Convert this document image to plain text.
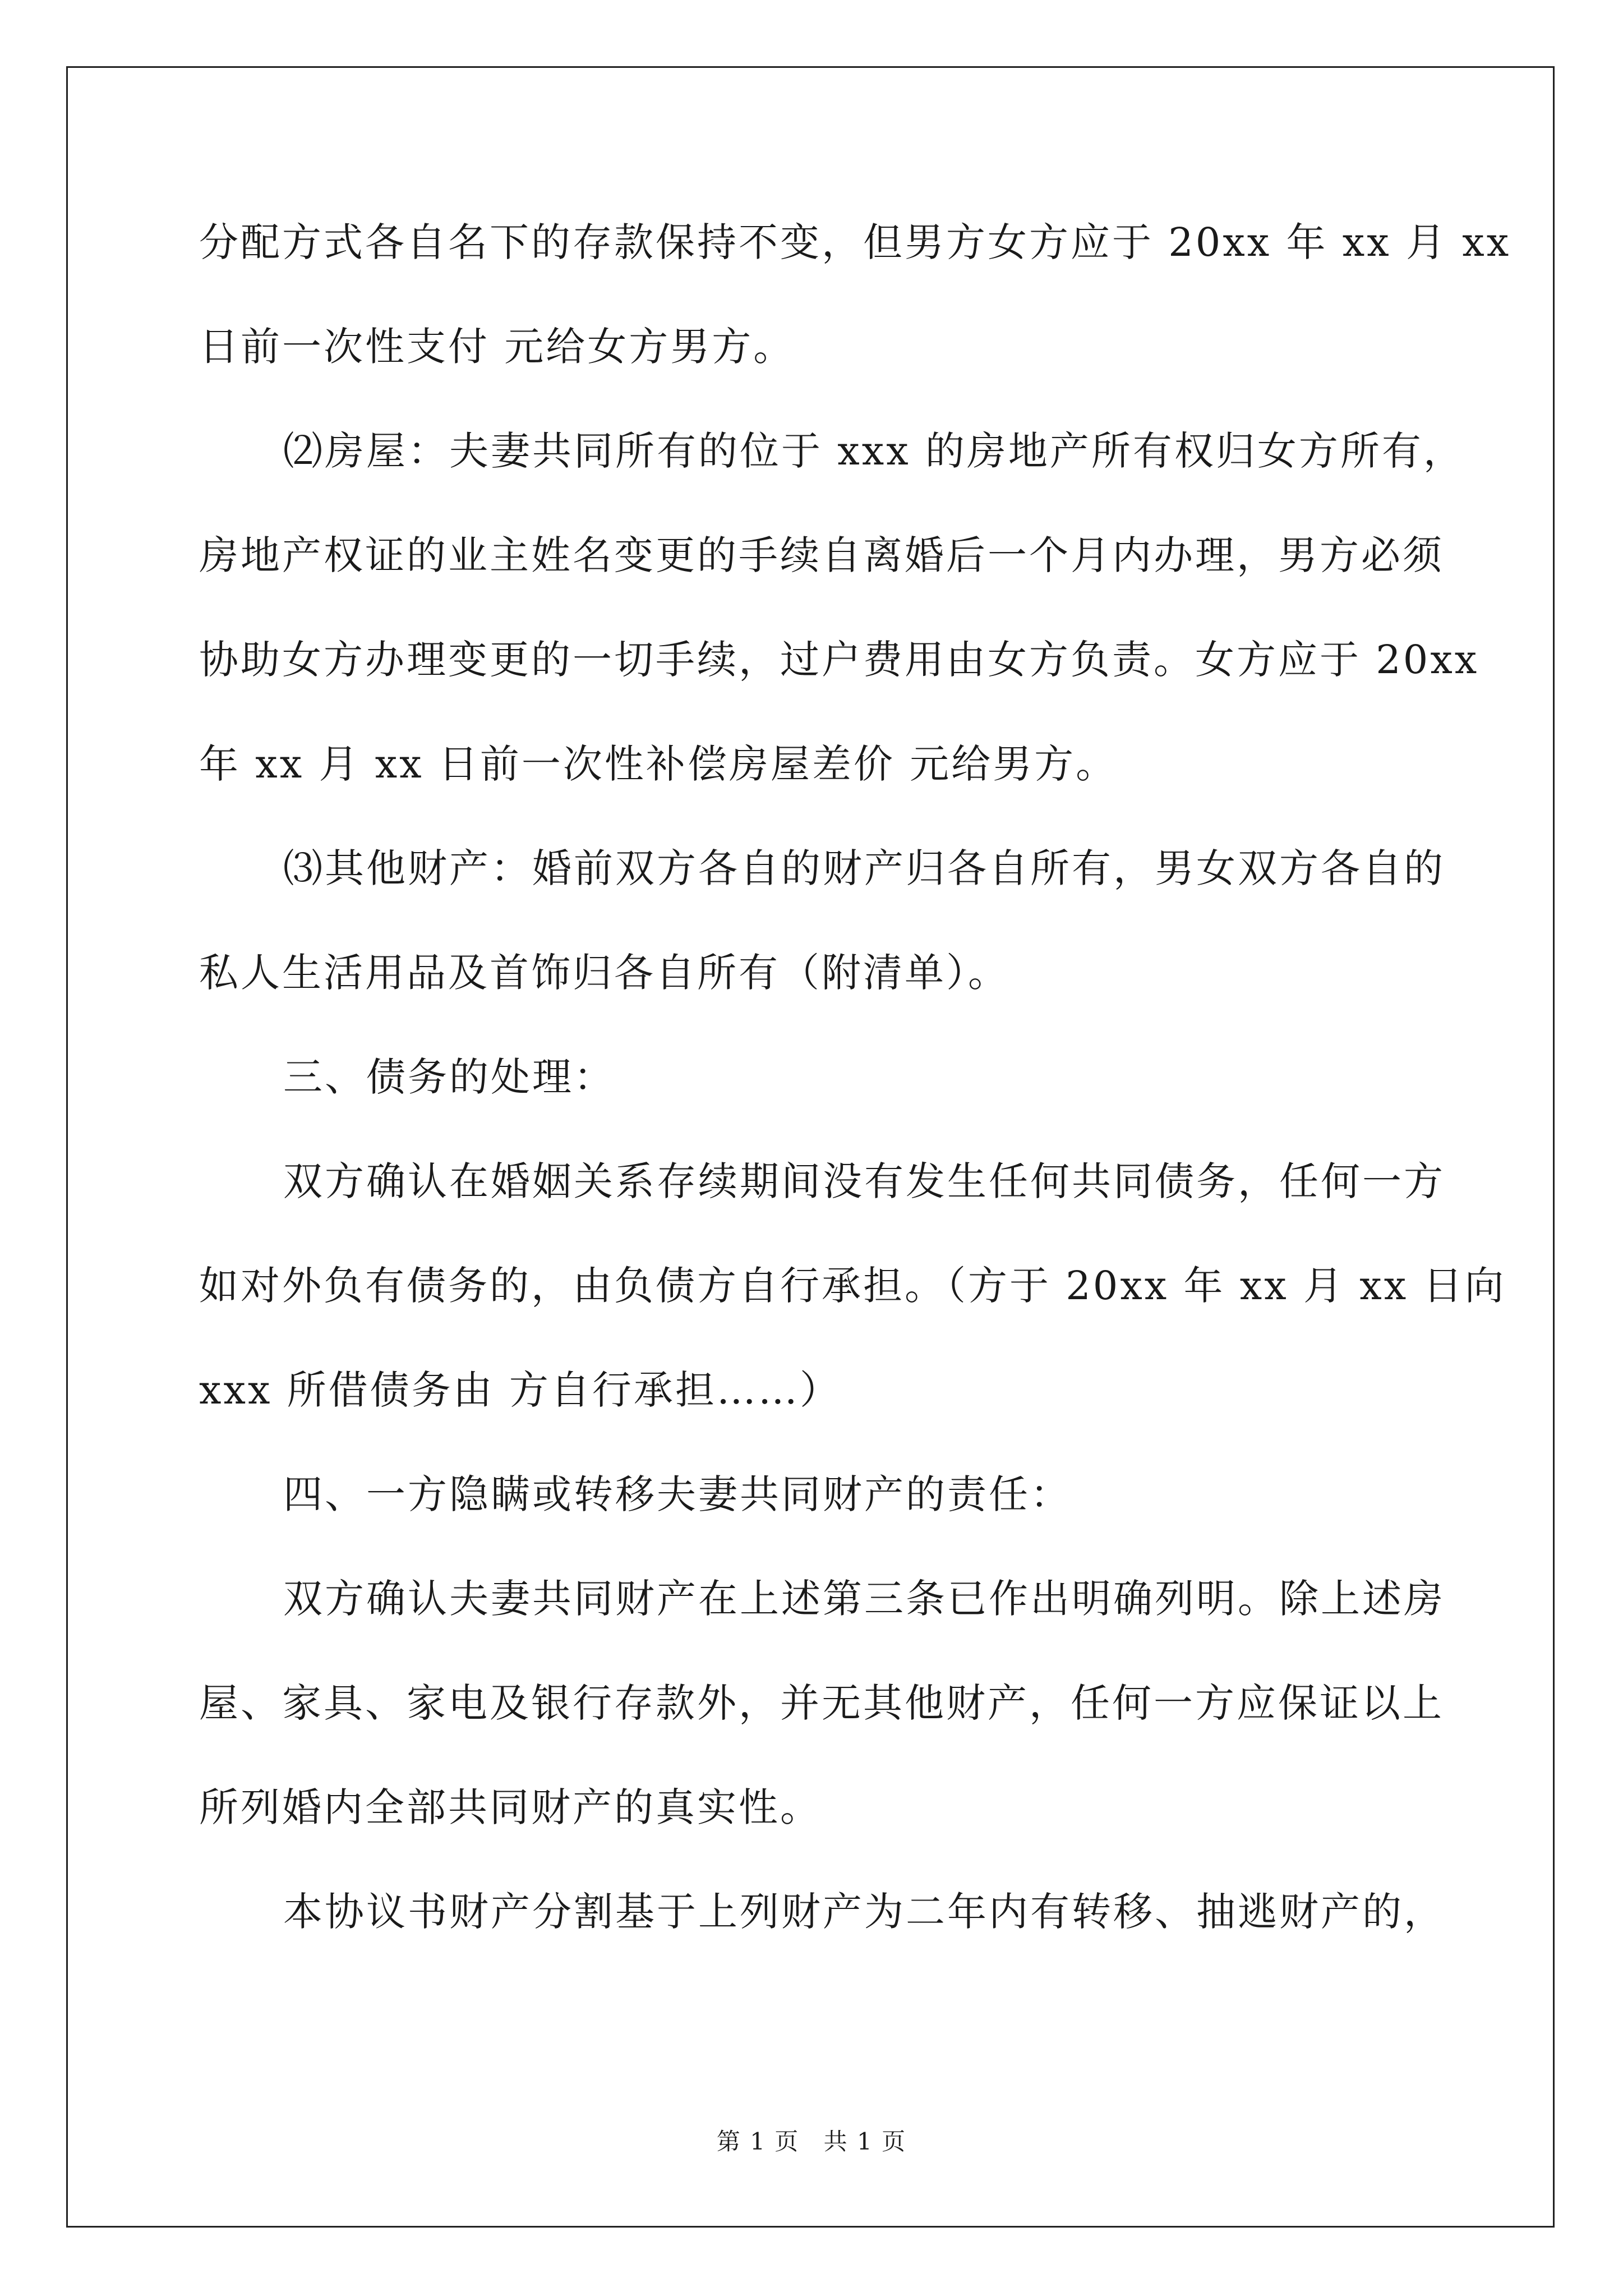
分配方式各自名下的存款保持不变，但男方女方应于 20xx 年 xx 月 xx
日前一次性支付 元给女方男方。
⑵房屋：夫妻共同所有的位于 xxx 的房地产所有权归女方所有，
房地产权证的业主姓名变更的手续自离婚后一个月内办理，男方必须
协助女方办理变更的一切手续，过户费用由女方负责。女方应于 20xx
年 xx 月 xx 日前一次性补偿房屋差价 元给男方。
⑶其他财产：婚前双方各自的财产归各自所有，男女双方各自的
私人生活用品及首饰归各自所有（附清单）。
三、债务的处理：
双方确认在婚姻关系存续期间没有发生任何共同债务，任何一方
如对外负有债务的，由负债方自行承担。（方于 20xx 年 xx 月 xx 日向
xxx 所借债务由 方自行承担……）
四、一方隐瞒或转移夫妻共同财产的责任：
双方确认夫妻共同财产在上述第三条已作出明确列明。除上述房
屋、家具、家电及银行存款外，并无其他财产，任何一方应保证以上
所列婚内全部共同财产的真实性。
本协议书财产分割基于上列财产为二年内有转移、抽逃财产的，
第 1 页 共 1 页
